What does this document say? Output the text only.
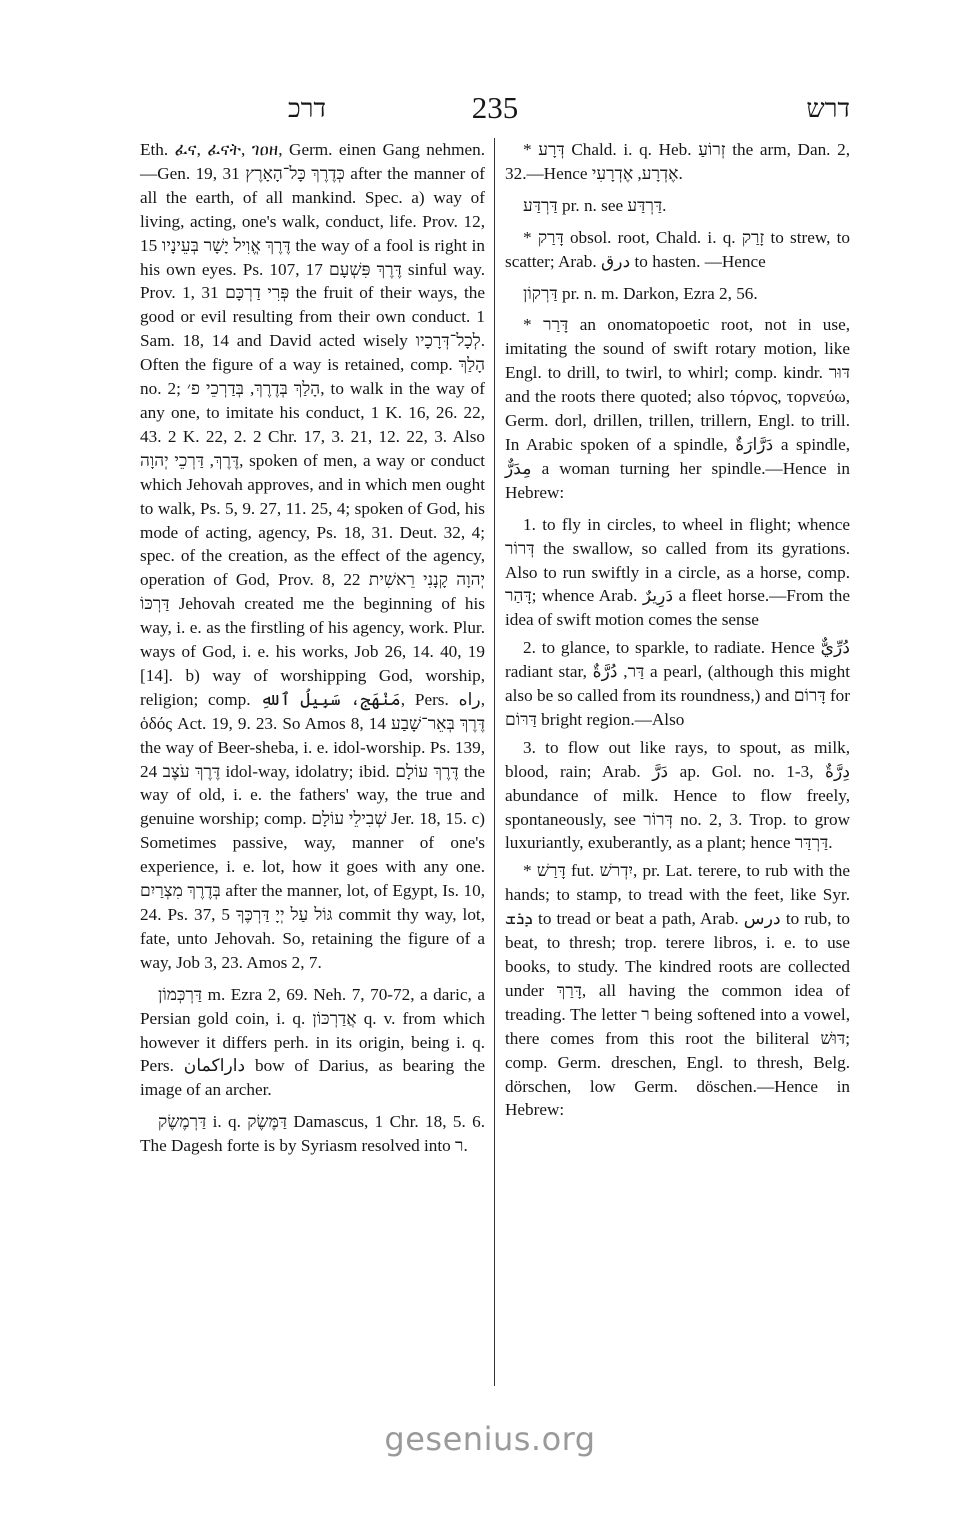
דרכ	235	דרש

Eth. ፈና, ፈናት, ገዐዘ, Germ. einen Gang nehmen.—Gen. 19, 31 כְּדֶרֶךְ כָּל־הָאָרֶץ after the manner of all the earth, of all mankind. Spec. a) way of living, acting, one's walk, conduct, life. Prov. 12, 15 דֶּרֶךְ אֱוִיל יָשָׁר בְּעֵינָיו the way of a fool is right in his own eyes. Ps. 107, 17 דֶּרֶךְ פִּשְׁעָם sinful way. Prov. 1, 31 פְּרִי דַרְכָּם the fruit of their ways, the good or evil resulting from their own conduct. 1 Sam. 18, 14 and David acted wisely לְכָל־דְּרָכָיו. Often the figure of a way is retained, comp. הָלַךְ no. 2; הָלַךְ בְּדֶרֶךְ, בְּדַרְכֵי פ׳, to walk in the way of any one, to imitate his conduct, 1 K. 16, 26. 22, 43. 2 K. 22, 2. 2 Chr. 17, 3. 21, 12. 22, 3. Also דֶּרֶךְ, דַּרְכֵי יְהוָה, spoken of men, a way or conduct which Jehovah approves, and in which men ought to walk, Ps. 5, 9. 27, 11. 25, 4; spoken of God, his mode of acting, agency, Ps. 18, 31. Deut. 32, 4; spec. of the creation, as the effect of the agency, operation of God, Prov. 8, 22 יְהוָה קָנָנִי רֵאשִׁית דַּרְכּוֹ Jehovah created me the beginning of his way, i. e. as the firstling of his agency, work. Plur. ways of God, i. e. his works, Job 26, 14. 40, 19 [14]. b) way of worshipping God, worship, religion; comp. مَنْهَج، سَبِيلُ ٱللهِ, Pers. راه, ὁδός Act. 19, 9. 23. So Amos 8, 14 דֶּרֶךְ בְּאֵר־שָׁבַע the way of Beer-sheba, i. e. idol-worship. Ps. 139, 24 דֶּרֶךְ עֹצֶב idol-way, idolatry; ibid. דֶּרֶךְ עוֹלָם the way of old, i. e. the fathers' way, the true and genuine worship; comp. שְׁבִילֵי עוֹלָם Jer. 18, 15. c) Sometimes passive, way, manner of one's experience, i. e. lot, how it goes with any one. בְּדֶרֶךְ מִצְרַיִם after the manner, lot, of Egypt, Is. 10, 24. Ps. 37, 5 גּוֹל עַל יְיָ דַּרְכֶּךָ commit thy way, lot, fate, unto Jehovah. So, retaining the figure of a way, Job 3, 23. Amos 2, 7.

דַּרְכְּמוֹן m. Ezra 2, 69. Neh. 7, 70-72, a daric, a Persian gold coin, i. q. אֲדַרְכּוֹן q. v. from which however it differs perh. in its origin, being i. q. Pers. داراکمان bow of Darius, as bearing the image of an archer.

דַּרְמֶשֶׂק i. q. דַּמֶּשֶׂק Damascus, 1 Chr. 18, 5. 6. The Dagesh forte is by Syriasm resolved into ר.

* דְּרָע Chald. i. q. Heb. זְרוֹעַ the arm, Dan. 2, 32.—Hence אֶדְרָע, אֶדְרָעִי.

דַּרְדַּע pr. n. see דַּרְדַּע.

* דָּרַק obsol. root, Chald. i. q. זָרַק to strew, to scatter; Arab. درق to hasten. —Hence

דַּרְקוֹן pr. n. m. Darkon, Ezra 2, 56.

* דָּרַר an onomatopoetic root, not in use, imitating the sound of swift rotary motion, like Engl. to drill, to twirl, to whirl; comp. kindr. דּוּר and the roots there quoted; also τόρνος, τορνεύω, Germ. dorl, drillen, trillen, trillern, Engl. to trill. In Arabic spoken of a spindle, دَرَّارَةٌ a spindle, مِدَرٌّ a woman turning her spindle.—Hence in Hebrew:

1. to fly in circles, to wheel in flight; whence דְּרוֹר the swallow, so called from its gyrations. Also to run swiftly in a circle, as a horse, comp. דָּהַר; whence Arab. دَرِيرٌ a fleet horse.—From the idea of swift motion comes the sense

2. to glance, to sparkle, to radiate. Hence دُرِّيٌّ radiant star, דַּר, دُرَّةٌ a pearl, (although this might also be so called from its roundness,) and דָּרוֹם for דַּרּוֹם bright region.—Also

3. to flow out like rays, to spout, as milk, blood, rain; Arab. دَرَّ ap. Gol. no. 1-3, دِرَّةٌ abundance of milk. Hence to flow freely, spontaneously, see דְּרוֹר no. 2, 3. Trop. to grow luxuriantly, exuberantly, as a plant; hence דַּרְדַּר.

* דָּרַשׁ fut. יִדְרשׁ, pr. Lat. terere, to rub with the hands; to stamp, to tread with the feet, like Syr. ܕܪܫ to tread or beat a path, Arab. درس to rub, to beat, to thresh; trop. terere libros, i. e. to use books, to study. The kindred roots are collected under דָּרַךְ, all having the common idea of treading. The letter ר being softened into a vowel, there comes from this root the biliteral דּוּשׁ; comp. Germ. dreschen, Engl. to thresh, Belg. dörschen, low Germ. döschen.—Hence in Hebrew:

gesenius.org
